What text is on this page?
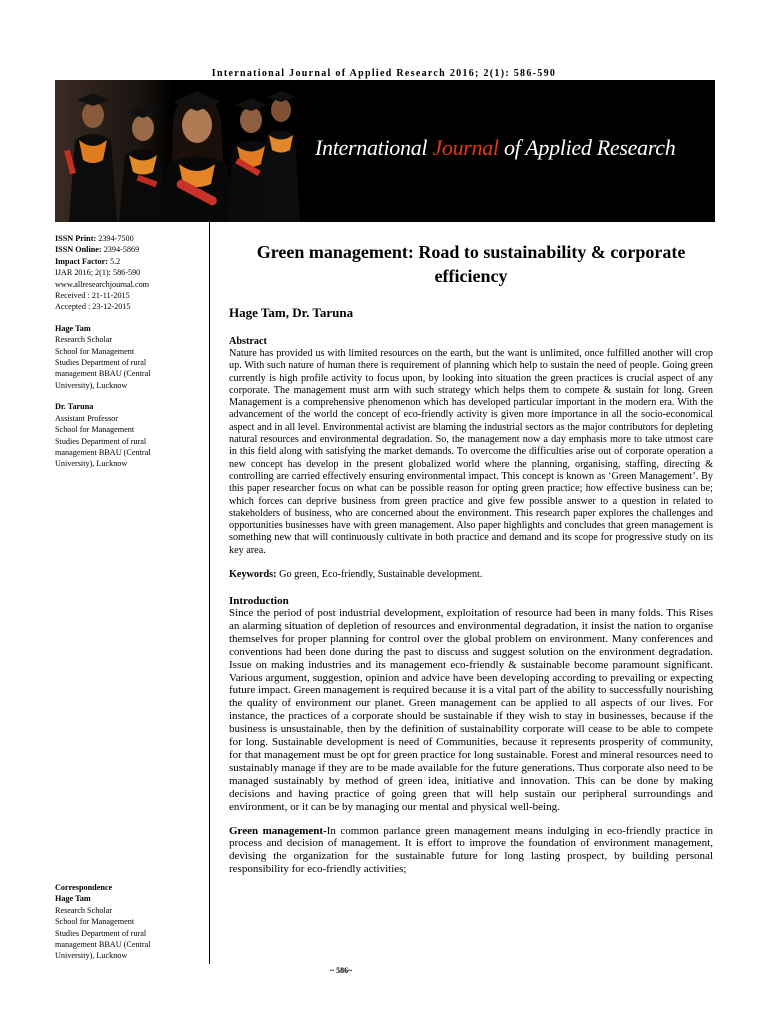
International Journal of Applied Research 2016; 2(1): 586-590
International Journal of Applied Research
ISSN Print: 2394-7500
ISSN Online: 2394-5869
Impact Factor: 5.2
IJAR 2016; 2(1): 586-590
www.allresearchjournal.com
Received : 21-11-2015
Accepted : 23-12-2015
Hage Tam
Research Scholar
School for Management
Studies Department of rural
management BBAU (Central
University), Lucknow
Dr. Taruna
Assistant Professor
School for Management
Studies Department of rural
management BBAU (Central
University), Lucknow
Correspondence
Hage Tam
Research Scholar
School for Management
Studies Department of rural
management BBAU (Central
University), Lucknow
Green management: Road to sustainability & corporate efficiency
Hage Tam, Dr. Taruna
Abstract

Nature has provided us with limited resources on the earth, but the want is unlimited, once fulfilled another will crop up. With such nature of human there is requirement of planning which help to sustain the need of people. Going green currently is high profile activity to focus upon, by looking into situation the green practices is crucial aspect of any corporate. The management must arm with such strategy which helps them to compete & sustain for long. Green Management is a comprehensive phenomenon which has developed particular important in the modern era. With the advancement of the world the concept of eco-friendly activity is given more importance in all the socio-economical aspect and in all level. Environmental activist are blaming the industrial sectors as the major contributors for depleting natural resources and environmental degradation. So, the management now a day emphasis more to take utmost care in this field along with satisfying the market demands. To overcome the difficulties arise out of corporate operation a new concept has develop in the present globalized world where the planning, organising, staffing, directing & controlling are carried effectively ensuring environmental impact. This concept is known as ‘Green Management’. By this paper researcher focus on what can be possible reason for opting green practice; how effective business can be; which forces can deprive business from green practice and give few possible answer to a question in related to stakeholders of business, who are concerned about the environment. This research paper explores the challenges and opportunities businesses have with green management. Also paper highlights and concludes that green management is something new that will continuously cultivate in both practice and demand and its scope for progressive study on its key area.

Keywords: Go green, Eco-friendly, Sustainable development.
Introduction

Since the period of post industrial development, exploitation of resource had been in many folds. This Rises an alarming situation of depletion of resources and environmental degradation, it insist the nation to organise themselves for proper planning for control over the global problem on environment. Many conferences and conventions had been done during the past to discuss and suggest solution on the environment degradation. Issue on making industries and its management eco-friendly & sustainable become paramount significant. Various argument, suggestion, opinion and advice have been developing according to prevailing or expecting future impact. Green management is required because it is a vital part of the ability to successfully nourishing the quality of environment our planet. Green management can be applied to all aspects of our lives. For instance, the practices of a corporate should be sustainable if they wish to stay in businesses, because if the business is unsustainable, then by the definition of sustainability corporate will cease to be able to compete for long. Sustainable development is need of Communities, because it represents prosperity of community, for that management must be opt for green practice for long sustainable. Forest and mineral resources need to sustainably manage if they are to be made available for the future generations. Thus corporate also need to be managed sustainably by method of green idea, initiative and innovation. This can be done by making decisions and having practice of going green that will help sustain our peripheral surroundings and environment, or it can be by managing our mental and physical well-being.

Green management-In common parlance green management means indulging in eco-friendly practice in process and decision of management. It is effort to improve the foundation of environment management, devising the organization for the sustainable future for long lasting prospect, by building personal responsibility for eco-friendly activities;

~ 586~
